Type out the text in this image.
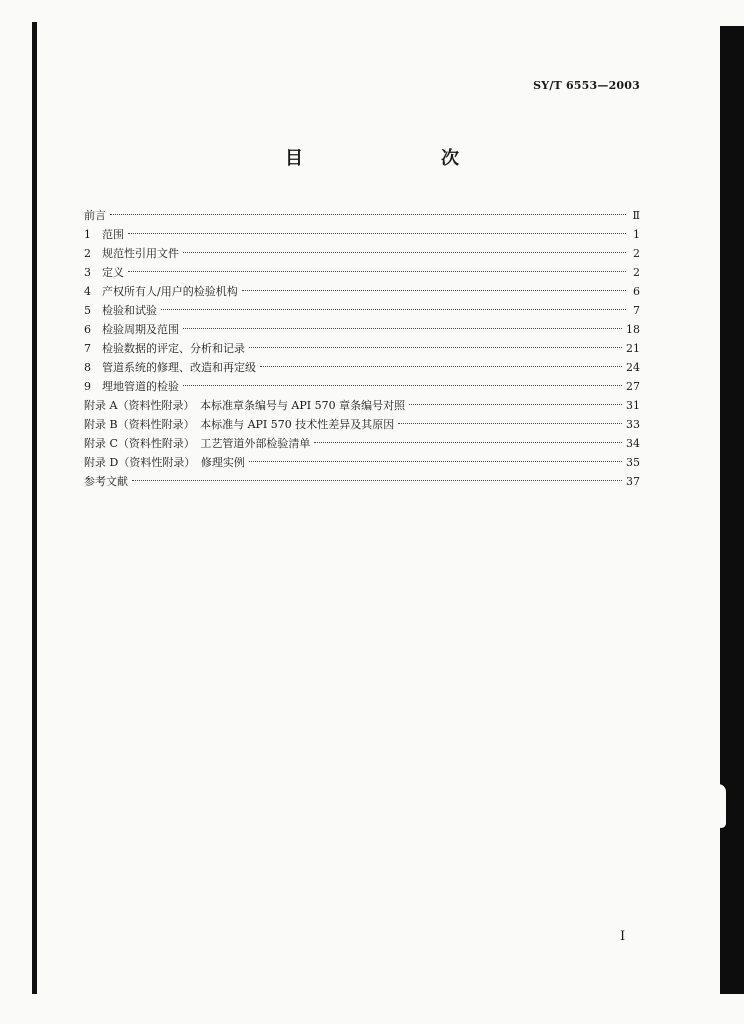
SY/T 6553—2003
目　　次
前言	Ⅱ
1　范围	1
2　规范性引用文件	2
3　定义	2
4　产权所有人/用户的检验机构	6
5　检验和试验	7
6　检验周期及范围	18
7　检验数据的评定、分析和记录	21
8　管道系统的修理、改造和再定级	24
9　埋地管道的检验	27
附录 A（资料性附录）　本标准章条编号与 API 570 章条编号对照	31
附录 B（资料性附录）　本标准与 API 570 技术性差异及其原因	33
附录 C（资料性附录）　工艺管道外部检验清单	34
附录 D（资料性附录）　修理实例	35
参考文献	37
I
